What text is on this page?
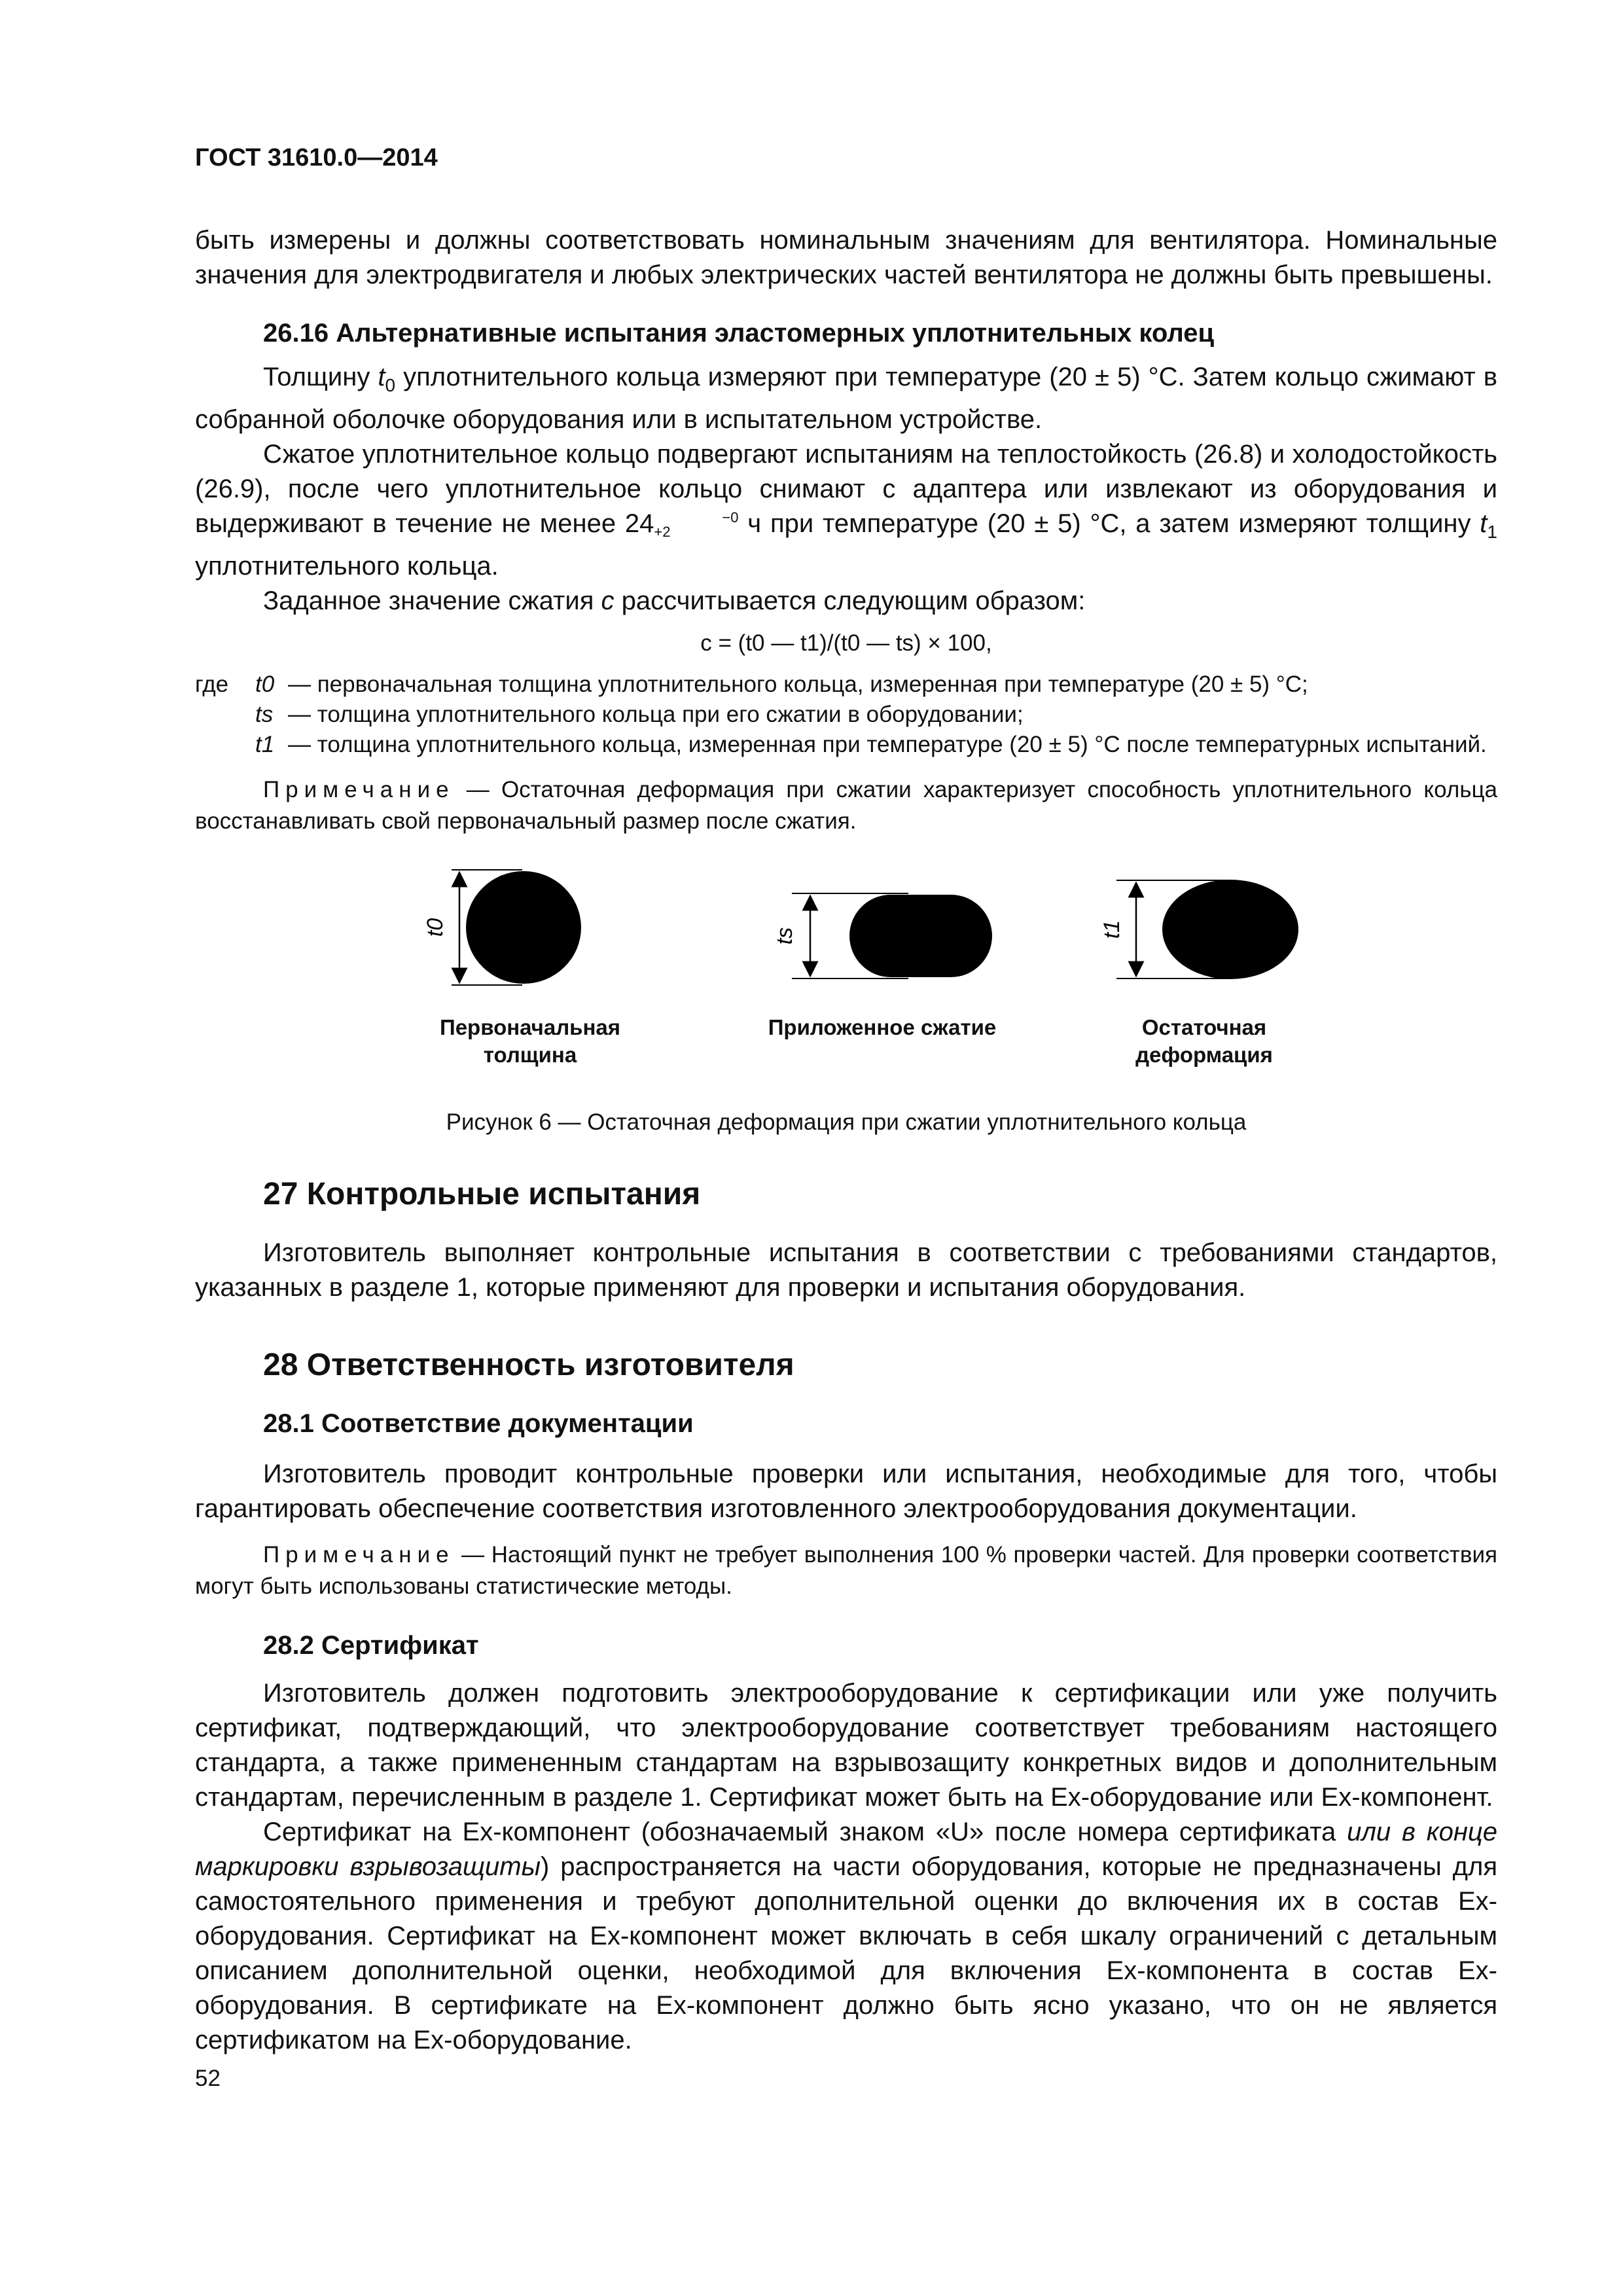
ГОСТ 31610.0—2014

быть измерены и должны соответствовать номинальным значениям для вентилятора. Номинальные значения для электродвигателя и любых электрических частей вентилятора не должны быть превышены.

26.16 Альтернативные испытания эластомерных уплотнительных колец

Толщину $t_0$ уплотнительного кольца измеряют при температуре (20 ± 5) °С. Затем кольцо сжимают в собранной оболочке оборудования или в испытательном устройстве.

Сжатое уплотнительное кольцо подвергают испытаниям на теплостойкость (26.8) и холодостойкость (26.9), после чего уплотнительное кольцо снимают с адаптера или извлекают из оборудования и выдерживают в течение не менее 24	−0
+2	ч при температуре (20 ± 5) °С, а затем измеряют толщину $t_1$ уплотнительного кольца.

Заданное значение сжатия c рассчитывается следующим образом:

c = (t0 — t1)/(t0 — ts) × 100,
где	t0 — первоначальная толщина уплотнительного кольца, измеренная при температуре (20 ± 5) °С;
ts — толщина уплотнительного кольца при его сжатии в оборудовании;
t1 — толщина уплотнительного кольца, измеренная при температуре (20 ± 5) °С после температурных испытаний.

Примечание — Остаточная деформация при сжатии характеризует способность уплотнительного кольца восстанавливать свой первоначальный размер после сжатия.

t0	ts	t1
Первоначальная толщина
Приложенное сжатие	Остаточная деформация
Рисунок 6 — Остаточная деформация при сжатии уплотнительного кольца
27 Контрольные испытания

Изготовитель выполняет контрольные испытания в соответствии с требованиями стандартов, указанных в разделе 1, которые применяют для проверки и испытания оборудования.

28 Ответственность изготовителя
28.1 Соответствие документации

Изготовитель проводит контрольные проверки или испытания, необходимые для того, чтобы гарантировать обеспечение соответствия изготовленного электрооборудования документации.

Примечание — Настоящий пункт не требует выполнения 100 % проверки частей. Для проверки соответствия могут быть использованы статистические методы.

28.2 Сертификат

Изготовитель должен подготовить электрооборудование к сертификации или уже получить сертификат, подтверждающий, что электрооборудование соответствует требованиям настоящего стандарта, а также примененным стандартам на взрывозащиту конкретных видов и дополнительным стандартам, перечисленным в разделе 1. Сертификат может быть на Ех-оборудование или Ех-компонент.

Сертификат на Ех-компонент (обозначаемый знаком «U» после номера сертификата или в конце маркировки взрывозащиты) распространяется на части оборудования, которые не предназначены для самостоятельного применения и требуют дополнительной оценки до включения их в состав Ех-оборудования. Сертификат на Ех-компонент может включать в себя шкалу ограничений с детальным описанием дополнительной оценки, необходимой для включения Ех-компонента в состав Ех-оборудования. В сертификате на Ех-компонент должно быть ясно указано, что он не является сертификатом на Ех-оборудование.

52
